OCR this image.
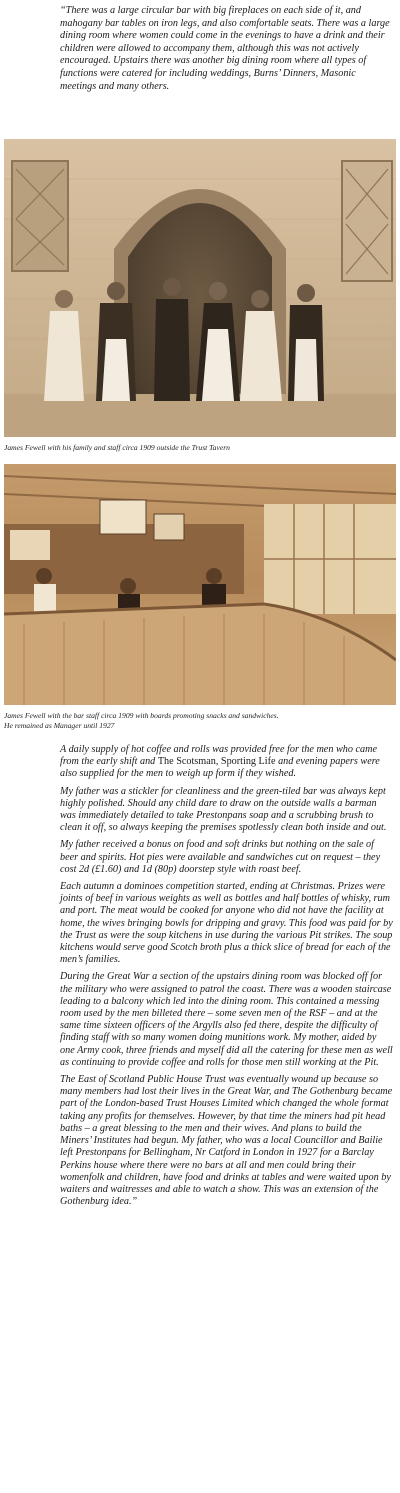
“There was a large circular bar with big fireplaces on each side of it, and mahogany bar tables on iron legs, and also comfortable seats. There was a large dining room where women could come in the evenings to have a drink and their children were allowed to accompany them, although this was not actively encouraged. Upstairs there was another big dining room where all types of functions were catered for including weddings, Burns’ Dinners, Masonic meetings and many others.

James Fewell with his family and staff circa 1909 outside the Trust Tavern

James Fewell with the bar staff circa 1909 with boards promoting snacks and sandwiches.
He remained as Manager until 1927

A daily supply of hot coffee and rolls was provided free for the men who came from the early shift and The Scotsman, Sporting Life and evening papers were also supplied for the men to weigh up form if they wished.

My father was a stickler for cleanliness and the green-tiled bar was always kept highly polished. Should any child dare to draw on the outside walls a barman was immediately detailed to take Prestonpans soap and a scrubbing brush to clean it off, so always keeping the premises spotlessly clean both inside and out.

My father received a bonus on food and soft drinks but nothing on the sale of beer and spirits. Hot pies were available and sandwiches cut on request – they cost 2d (£1.60) and 1d (80p) doorstep style with roast beef.

Each autumn a dominoes competition started, ending at Christmas. Prizes were joints of beef in various weights as well as bottles and half bottles of whisky, rum and port. The meat would be cooked for anyone who did not have the facility at home, the wives bringing bowls for dripping and gravy. This food was paid for by the Trust as were the soup kitchens in use during the various Pit strikes. The soup kitchens would serve good Scotch broth plus a thick slice of bread for each of the men’s families.

During the Great War a section of the upstairs dining room was blocked off for the military who were assigned to patrol the coast. There was a wooden staircase leading to a balcony which led into the dining room. This contained a messing room used by the men billeted there – some seven men of the RSF – and at the same time sixteen officers of the Argylls also fed there, despite the difficulty of finding staff with so many women doing munitions work. My mother, aided by one Army cook, three friends and myself did all the catering for these men as well as continuing to provide coffee and rolls for those men still working at the Pit.

The East of Scotland Public House Trust was eventually wound up because so many members had lost their lives in the Great War, and The Gothenburg became part of the London-based Trust Houses Limited which changed the whole format taking any profits for themselves. However, by that time the miners had pit head baths – a great blessing to the men and their wives. And plans to build the Miners’ Institutes had begun. My father, who was a local Councillor and Bailie left Prestonpans for Bellingham, Nr Catford in London in 1927 for a Barclay Perkins house where there were no bars at all and men could bring their womenfolk and children, have food and drinks at tables and were waited upon by waiters and waitresses and able to watch a show. This was an extension of the Gothenburg idea.”
